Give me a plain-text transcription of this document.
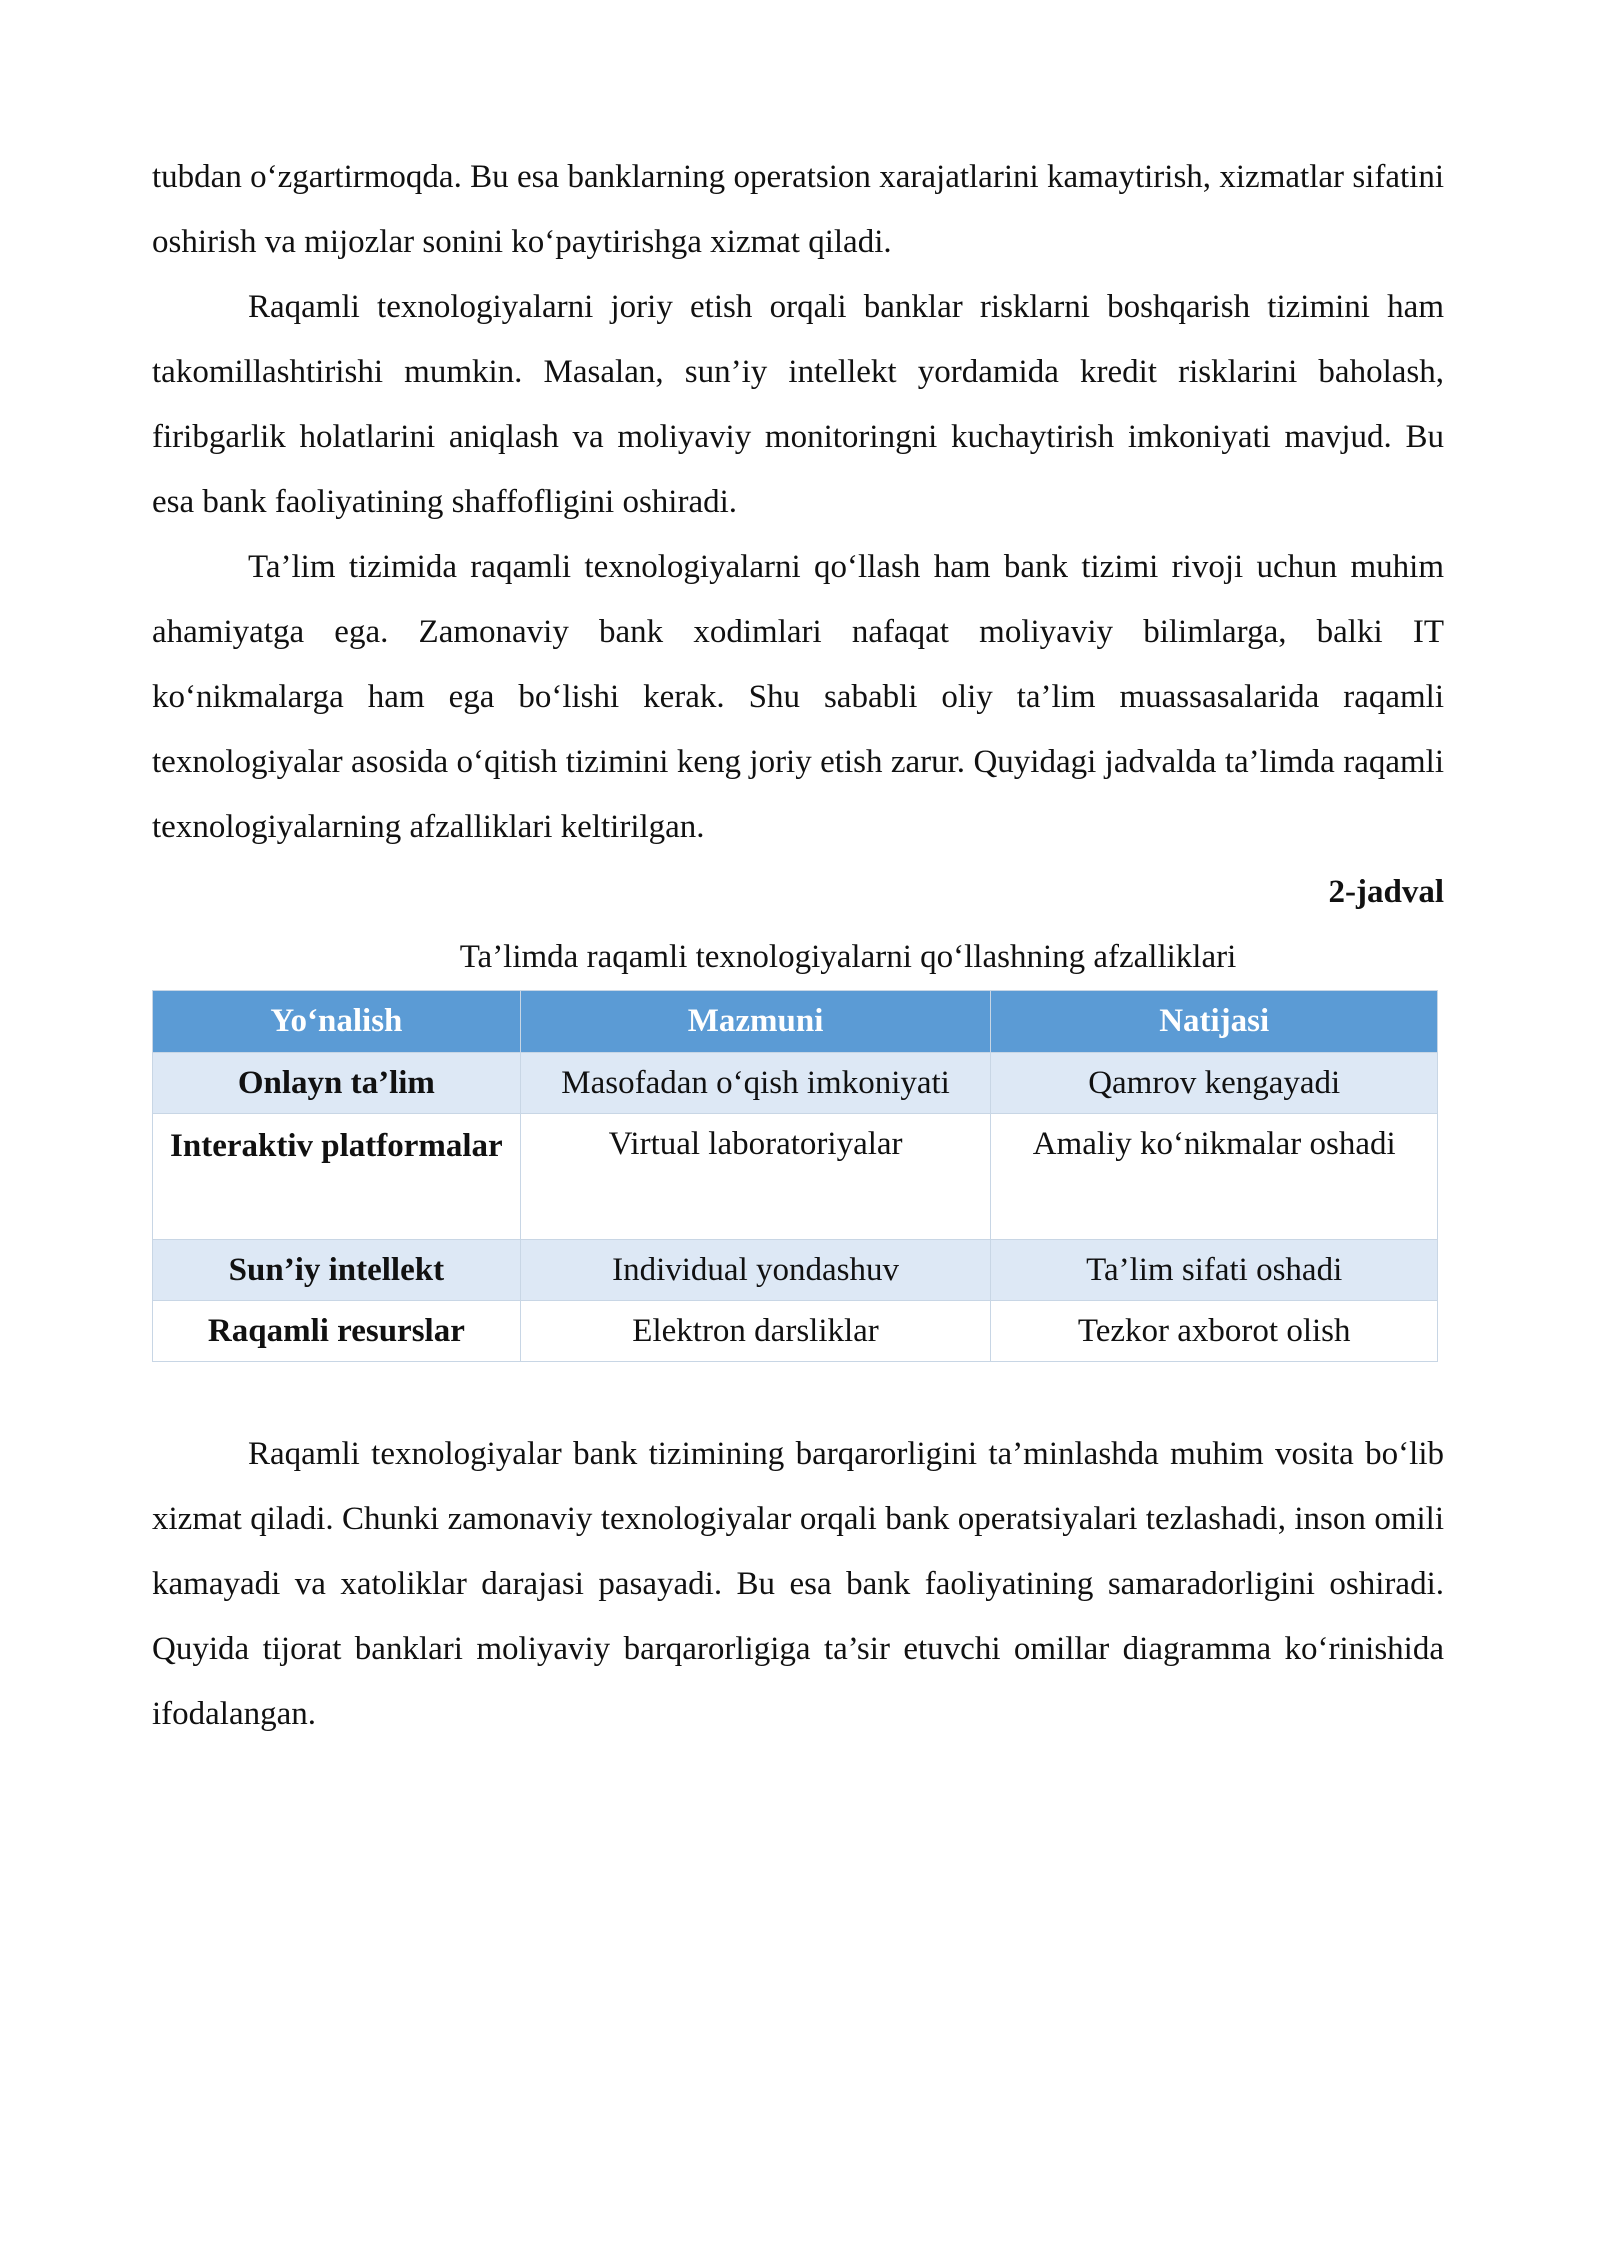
tubdan o‘zgartirmoqda. Bu esa banklarning operatsion xarajatlarini kamaytirish, xizmatlar sifatini oshirish va mijozlar sonini ko‘paytirishga xizmat qiladi.

Raqamli texnologiyalarni joriy etish orqali banklar risklarni boshqarish tizimini ham takomillashtirishi mumkin. Masalan, sun’iy intellekt yordamida kredit risklarini baholash, firibgarlik holatlarini aniqlash va moliyaviy monitoringni kuchaytirish imkoniyati mavjud. Bu esa bank faoliyatining shaffofligini oshiradi.

Ta’lim tizimida raqamli texnologiyalarni qo‘llash ham bank tizimi rivoji uchun muhim ahamiyatga ega. Zamonaviy bank xodimlari nafaqat moliyaviy bilimlarga, balki IT ko‘nikmalarga ham ega bo‘lishi kerak. Shu sababli oliy ta’lim muassasalarida raqamli texnologiyalar asosida o‘qitish tizimini keng joriy etish zarur. Quyidagi jadvalda ta’limda raqamli texnologiyalarning afzalliklari keltirilgan.

2-jadval

Ta’limda raqamli texnologiyalarni qo‘llashning afzalliklari

Yo‘nalish	Mazmuni	Natijasi
Onlayn ta’lim	Masofadan o‘qish imkoniyati	Qamrov kengayadi
Interaktiv platformalar	Virtual laboratoriyalar	Amaliy ko‘nikmalar oshadi
Sun’iy intellekt	Individual yondashuv	Ta’lim sifati oshadi
Raqamli resurslar	Elektron darsliklar	Tezkor axborot olish

Raqamli texnologiyalar bank tizimining barqarorligini ta’minlashda muhim vosita bo‘lib xizmat qiladi. Chunki zamonaviy texnologiyalar orqali bank operatsiyalari tezlashadi, inson omili kamayadi va xatoliklar darajasi pasayadi. Bu esa bank faoliyatining samaradorligini oshiradi. Quyida tijorat banklari moliyaviy barqarorligiga ta’sir etuvchi omillar diagramma ko‘rinishida ifodalangan.
